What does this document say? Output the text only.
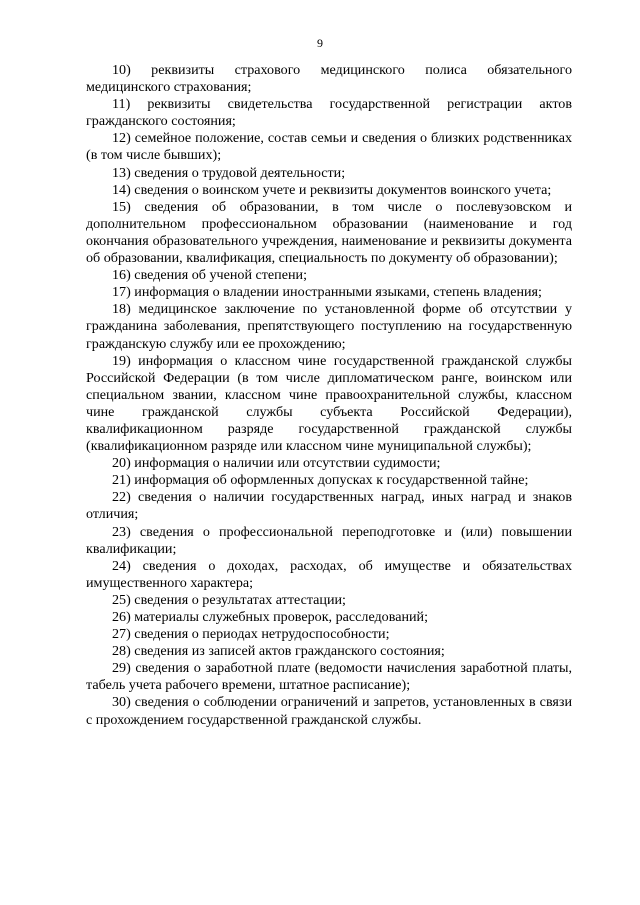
9

10) реквизиты страхового медицинского полиса обязательного медицинского страхования;

11) реквизиты свидетельства государственной регистрации актов гражданского состояния;

12) семейное положение, состав семьи и сведения о близких родственниках (в том числе бывших);

13) сведения о трудовой деятельности;

14) сведения о воинском учете и реквизиты документов воинского учета;

15) сведения об образовании, в том числе о послевузовском и дополнительном профессиональном образовании (наименование и год окончания образовательного учреждения, наименование и реквизиты документа об образовании, квалификация, специальность по документу об образовании);

16) сведения об ученой степени;

17) информация о владении иностранными языками, степень владения;

18) медицинское заключение по установленной форме об отсутствии у гражданина заболевания, препятствующего поступлению на государственную гражданскую службу или ее прохождению;

19) информация о классном чине государственной гражданской службы Российской Федерации (в том числе дипломатическом ранге, воинском или специальном звании, классном чине правоохранительной службы, классном чине гражданской службы субъекта Российской Федерации), квалификационном разряде государственной гражданской службы (квалификационном разряде или классном чине муниципальной службы);

20) информация о наличии или отсутствии судимости;

21) информация об оформленных допусках к государственной тайне;

22) сведения о наличии государственных наград, иных наград и знаков отличия;

23) сведения о профессиональной переподготовке и (или) повышении квалификации;

24) сведения о доходах, расходах, об имуществе и обязательствах имущественного характера;

25) сведения о результатах аттестации;

26) материалы служебных проверок, расследований;

27) сведения о периодах нетрудоспособности;

28) сведения из записей актов гражданского состояния;

29) сведения о заработной плате (ведомости начисления заработной платы, табель учета рабочего времени, штатное расписание);

30) сведения о соблюдении ограничений и запретов, установленных в связи с прохождением государственной гражданской службы.
